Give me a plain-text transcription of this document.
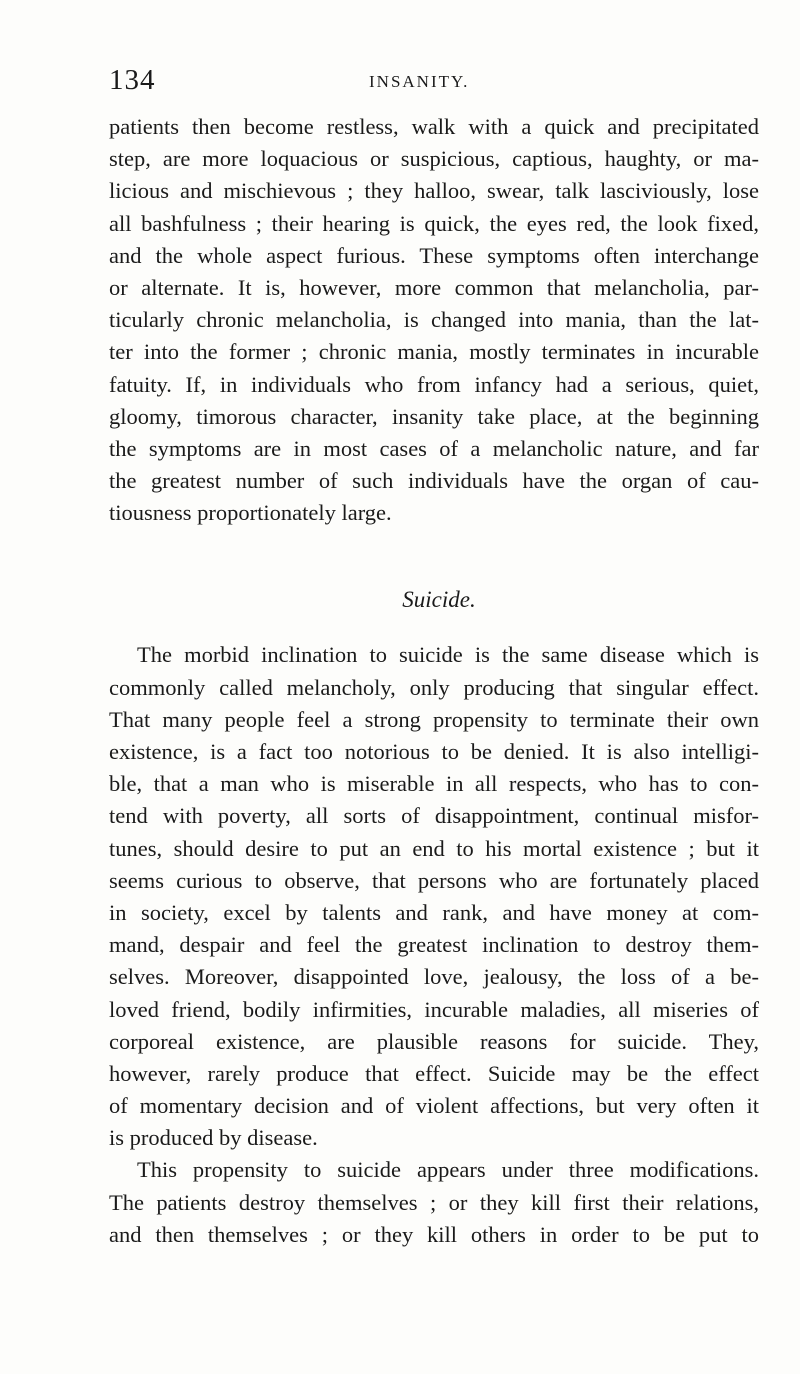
134	INSANITY.
patients then become restless, walk with a quick and precipitated
step, are more loquacious or suspicious, captious, haughty, or ma-
licious and mischievous ; they halloo, swear, talk lasciviously, lose
all bashfulness ; their hearing is quick, the eyes red, the look fixed,
and the whole aspect furious. These symptoms often interchange
or alternate. It is, however, more common that melancholia, par-
ticularly chronic melancholia, is changed into mania, than the lat-
ter into the former ; chronic mania, mostly terminates in incurable
fatuity. If, in individuals who from infancy had a serious, quiet,
gloomy, timorous character, insanity take place, at the beginning
the symptoms are in most cases of a melancholic nature, and far
the greatest number of such individuals have the organ of cau-
tiousness proportionately large.
Suicide.
The morbid inclination to suicide is the same disease which is
commonly called melancholy, only producing that singular effect.
That many people feel a strong propensity to terminate their own
existence, is a fact too notorious to be denied. It is also intelligi-
ble, that a man who is miserable in all respects, who has to con-
tend with poverty, all sorts of disappointment, continual misfor-
tunes, should desire to put an end to his mortal existence ; but it
seems curious to observe, that persons who are fortunately placed
in society, excel by talents and rank, and have money at com-
mand, despair and feel the greatest inclination to destroy them-
selves. Moreover, disappointed love, jealousy, the loss of a be-
loved friend, bodily infirmities, incurable maladies, all miseries of
corporeal existence, are plausible reasons for suicide. They,
however, rarely produce that effect. Suicide may be the effect
of momentary decision and of violent affections, but very often it
is produced by disease.
This propensity to suicide appears under three modifications.
The patients destroy themselves ; or they kill first their relations,
and then themselves ; or they kill others in order to be put to
